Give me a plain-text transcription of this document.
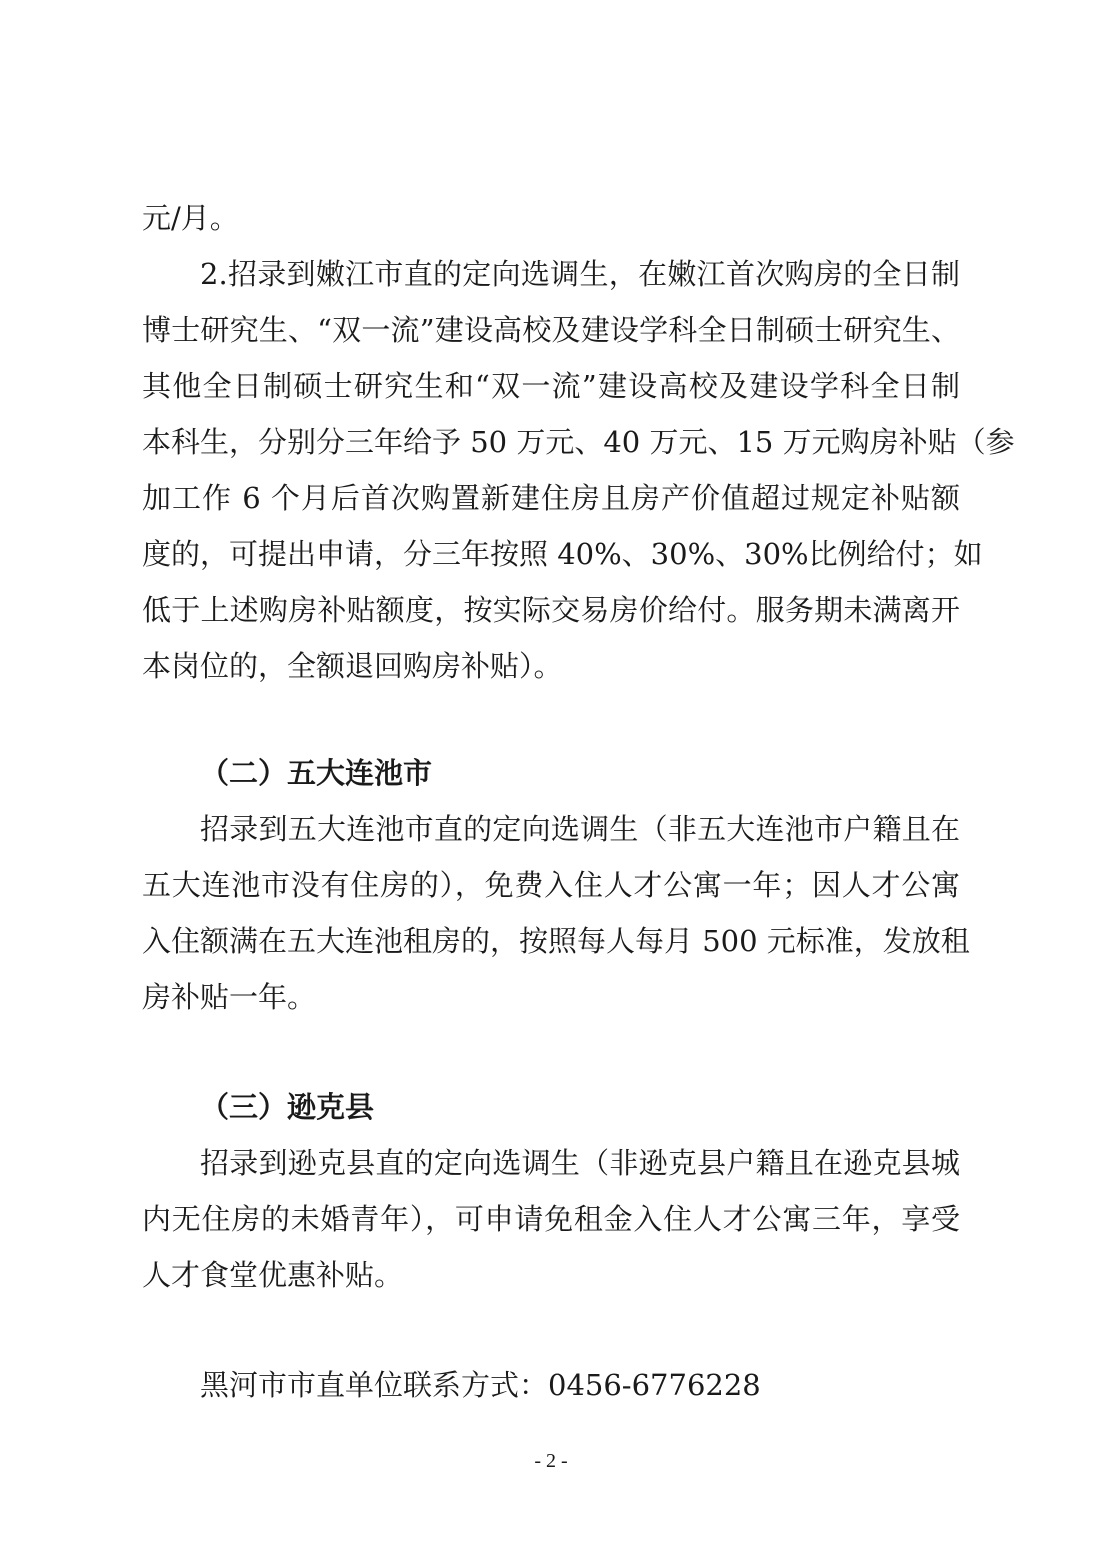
元/月。
2.招录到嫩江市直的定向选调生，在嫩江首次购房的全日制
博士研究生、“双一流”建设高校及建设学科全日制硕士研究生、
其他全日制硕士研究生和“双一流”建设高校及建设学科全日制
本科生，分别分三年给予 50 万元、40 万元、15 万元购房补贴（参
加工作 6 个月后首次购置新建住房且房产价值超过规定补贴额
度的，可提出申请，分三年按照 40%、30%、30%比例给付；如
低于上述购房补贴额度，按实际交易房价给付。服务期未满离开
本岗位的，全额退回购房补贴）。
（二）五大连池市
招录到五大连池市直的定向选调生（非五大连池市户籍且在
五大连池市没有住房的），免费入住人才公寓一年；因人才公寓
入住额满在五大连池租房的，按照每人每月 500 元标准，发放租
房补贴一年。
（三）逊克县
招录到逊克县直的定向选调生（非逊克县户籍且在逊克县城
内无住房的未婚青年），可申请免租金入住人才公寓三年，享受
人才食堂优惠补贴。
黑河市市直单位联系方式：0456-6776228
- 2 -
